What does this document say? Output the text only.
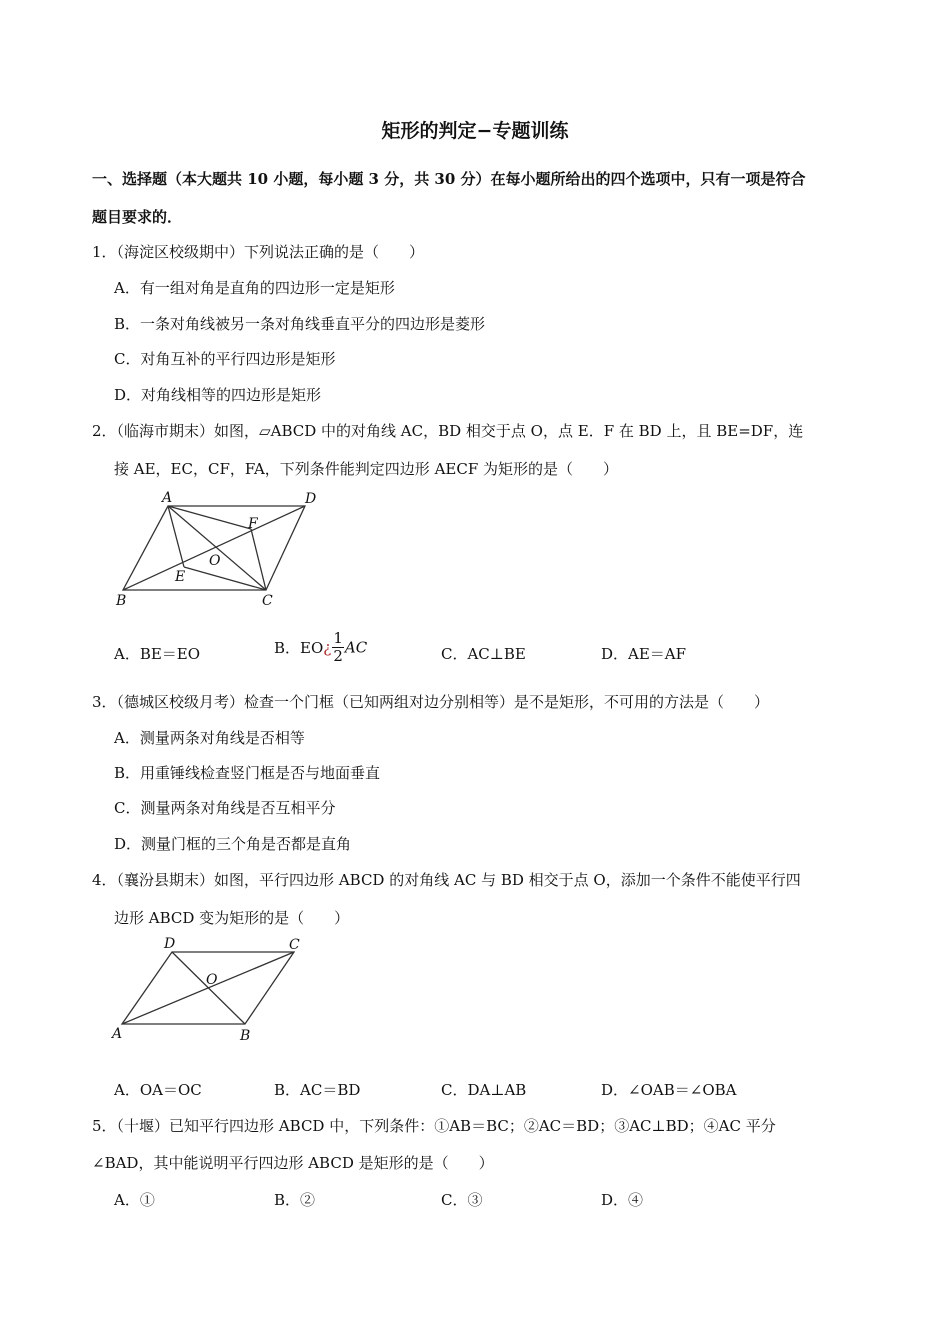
矩形的判定−专题训练
一、选择题（本大题共 10 小题，每小题 3 分，共 30 分）在每小题所给出的四个选项中，只有一项是符合
题目要求的．
1．（海淀区校级期中）下列说法正确的是（　　）
A．有一组对角是直角的四边形一定是矩形
B．一条对角线被另一条对角线垂直平分的四边形是菱形
C．对角互补的平行四边形是矩形
D．对角线相等的四边形是矩形
2．（临海市期末）如图，▱ABCD 中的对角线 AC，BD 相交于点 O，点 E．F 在 BD 上，且 BE=DF，连
接 AE，EC，CF，FA，下列条件能判定四边形 AECF 为矩形的是（　　）
A	D
F
O
E
B	C
A．BE＝EO	B．EO¿ $\frac{1}{2}$ AC	C．AC⊥BE	D．AE＝AF
3．（德城区校级月考）检查一个门框（已知两组对边分别相等）是不是矩形，不可用的方法是（　　）
A．测量两条对角线是否相等
B．用重锤线检查竖门框是否与地面垂直
C．测量两条对角线是否互相平分
D．测量门框的三个角是否都是直角
4．（襄汾县期末）如图，平行四边形 ABCD 的对角线 AC 与 BD 相交于点 O，添加一个条件不能使平行四
边形 ABCD 变为矩形的是（　　）
D	C
O
A	B
A．OA＝OC	B．AC＝BD	C．DA⊥AB	D．∠OAB＝∠OBA
5．（十堰）已知平行四边形 ABCD 中，下列条件：①AB＝BC；②AC＝BD；③AC⊥BD；④AC 平分
∠BAD，其中能说明平行四边形 ABCD 是矩形的是（　　）
A．①	B．②	C．③	D．④
